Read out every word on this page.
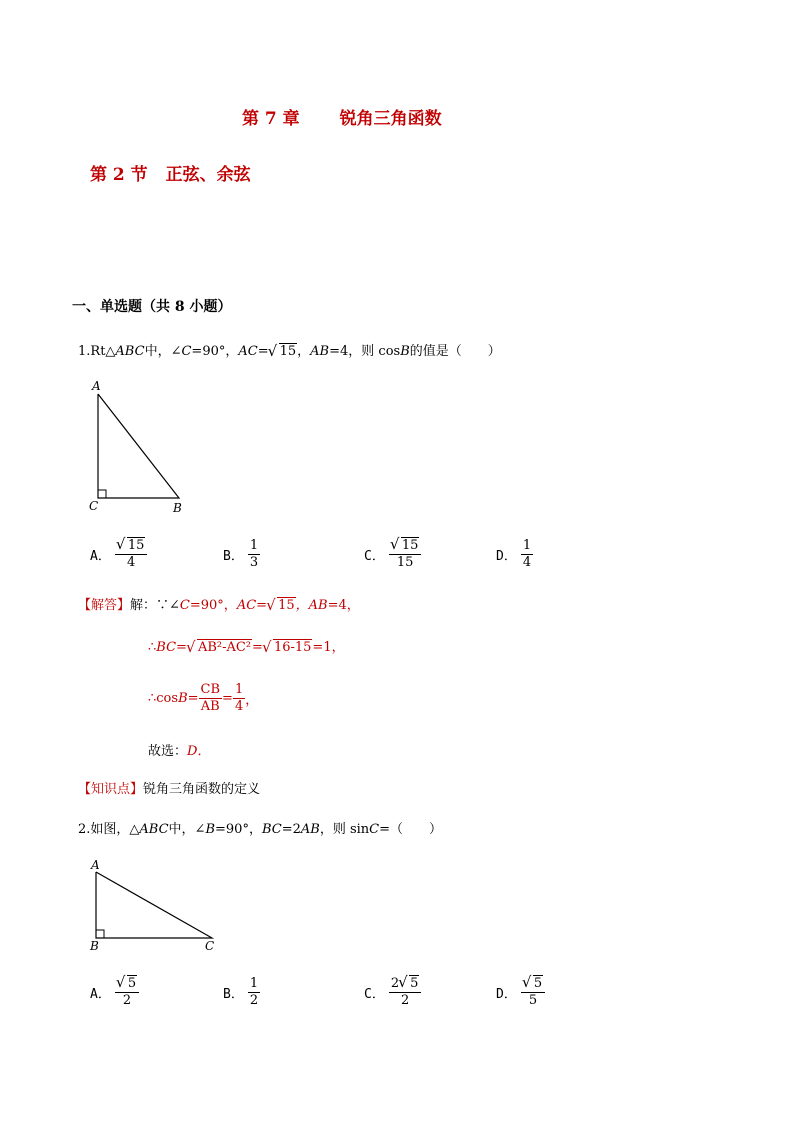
第 7 章 锐角三角函数
第 2 节 正弦、余弦
一、单选题（共 8 小题）
1.Rt△ABC中，∠C=90°，AC= √ 15，AB=4，则 cosB的值是（　　）
A
C	B
A． √ $\frac{15}{4}$	B． $\frac{1}{3}$	C． √ $\frac{15}{15}$	D． $\frac{1}{4}$
【解答】解：∵∠C=90°，AC= √ 15，AB=4，
∴BC= √ AB²-AC²= √ 16-15=1，
∴cos $B = \frac{CB}{AB} = \frac{1}{4}$ ，
故选：D．
【知识点】锐角三角函数的定义
2.如图，△ABC中，∠B=90°，BC=2AB，则 sinC=（　　）
A
B	C
A． √ $\frac{5}{2}$	B． $\frac{1}{2}$	C． $\frac{2 √ 5}{2}$	D． √ $\frac{5}{5}$
